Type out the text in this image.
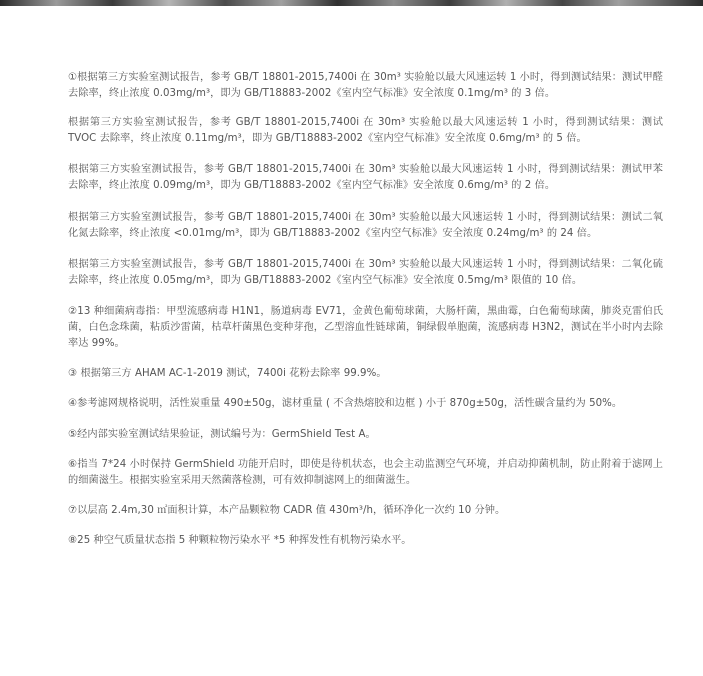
①根据第三方实验室测试报告，参考 GB/T 18801-2015,7400i 在 30m³ 实验舱以最大风速运转 1 小时，得到测试结果：测试甲醛去除率，终止浓度 0.03mg/m³，即为 GB/T18883-2002《室内空气标准》安全浓度 0.1mg/m³ 的 3 倍。

根据第三方实验室测试报告，参考 GB/T 18801-2015,7400i 在 30m³ 实验舱以最大风速运转 1 小时，得到测试结果：测试 TVOC 去除率，终止浓度 0.11mg/m³，即为 GB/T18883-2002《室内空气标准》安全浓度 0.6mg/m³ 的 5 倍。

根据第三方实验室测试报告，参考 GB/T 18801-2015,7400i 在 30m³ 实验舱以最大风速运转 1 小时，得到测试结果：测试甲苯去除率，终止浓度 0.09mg/m³，即为 GB/T18883-2002《室内空气标准》安全浓度 0.6mg/m³ 的 2 倍。

根据第三方实验室测试报告，参考 GB/T 18801-2015,7400i 在 30m³ 实验舱以最大风速运转 1 小时，得到测试结果：测试二氧化氮去除率，终止浓度 <0.01mg/m³，即为 GB/T18883-2002《室内空气标准》安全浓度 0.24mg/m³ 的 24 倍。

根据第三方实验室测试报告，参考 GB/T 18801-2015,7400i 在 30m³ 实验舱以最大风速运转 1 小时，得到测试结果：二氧化硫去除率，终止浓度 0.05mg/m³，即为 GB/T18883-2002《室内空气标准》安全浓度 0.5mg/m³ 限值的 10 倍。

②13 种细菌病毒指：甲型流感病毒 H1N1，肠道病毒 EV71，金黄色葡萄球菌，大肠杆菌，黑曲霉，白色葡萄球菌，肺炎克雷伯氏菌，白色念珠菌，粘质沙雷菌，枯草杆菌黑色变种芽孢，乙型溶血性链球菌，铜绿假单胞菌，流感病毒 H3N2，测试在半小时内去除率达 99%。

③ 根据第三方 AHAM AC-1-2019 测试，7400i 花粉去除率 99.9%。

④参考滤网规格说明，活性炭重量 490±50g，滤材重量 ( 不含热熔胶和边框 ) 小于 870g±50g，活性碳含量约为 50%。

⑤经内部实验室测试结果验证，测试编号为：GermShield Test A。

⑥指当 7*24 小时保持 GermShield 功能开启时，即使是待机状态，也会主动监测空气环境，并启动抑菌机制，防止附着于滤网上的细菌滋生。根据实验室采用天然菌落检测，可有效抑制滤网上的细菌滋生。

⑦以层高 2.4m,30 ㎡面积计算，本产品颗粒物 CADR 值 430m³/h，循环净化一次约 10 分钟。

⑧25 种空气质量状态指 5 种颗粒物污染水平 *5 种挥发性有机物污染水平。
